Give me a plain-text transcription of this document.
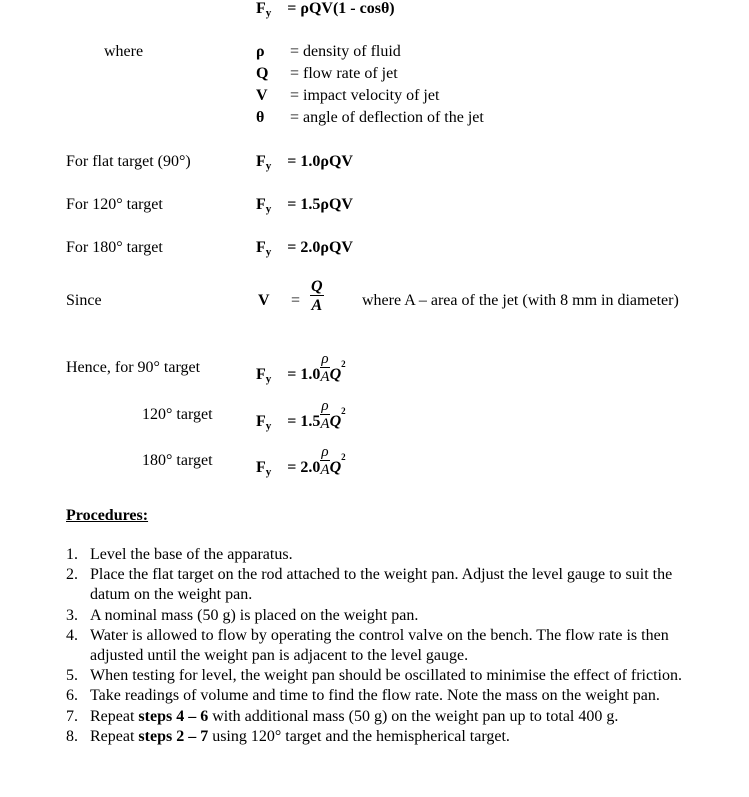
$F_y = \rho QV(1 - \cos\theta)$
where	ρ = density of fluid
Q = flow rate of jet
V = impact velocity of jet
θ = angle of deflection of the jet
For flat target (90°)	$F_y = 1.0\rho QV$
For 120° target	$F_y = 1.5\rho QV$
For 180° target	$F_y = 2.0\rho QV$
Since	$V = \frac{Q}{A}$ where A – area of the jet (with 8 mm in diameter)
Hence, for 90° target	$F_y = 1.0 \frac{\rho}{A} Q^2$
120° target	$F_y = 1.5 \frac{\rho}{A} Q^2$
180° target	$F_y = 2.0 \frac{\rho}{A} Q^2$
Procedures:
1. Level the base of the apparatus.
2. Place the flat target on the rod attached to the weight pan. Adjust the level gauge to suit the datum on the weight pan.
3. A nominal mass (50 g) is placed on the weight pan.
4. Water is allowed to flow by operating the control valve on the bench. The flow rate is then adjusted until the weight pan is adjacent to the level gauge.
5. When testing for level, the weight pan should be oscillated to minimise the effect of friction.
6. Take readings of volume and time to find the flow rate. Note the mass on the weight pan.
7. Repeat steps 4 – 6 with additional mass (50 g) on the weight pan up to total 400 g.
8. Repeat steps 2 – 7 using 120° target and the hemispherical target.
